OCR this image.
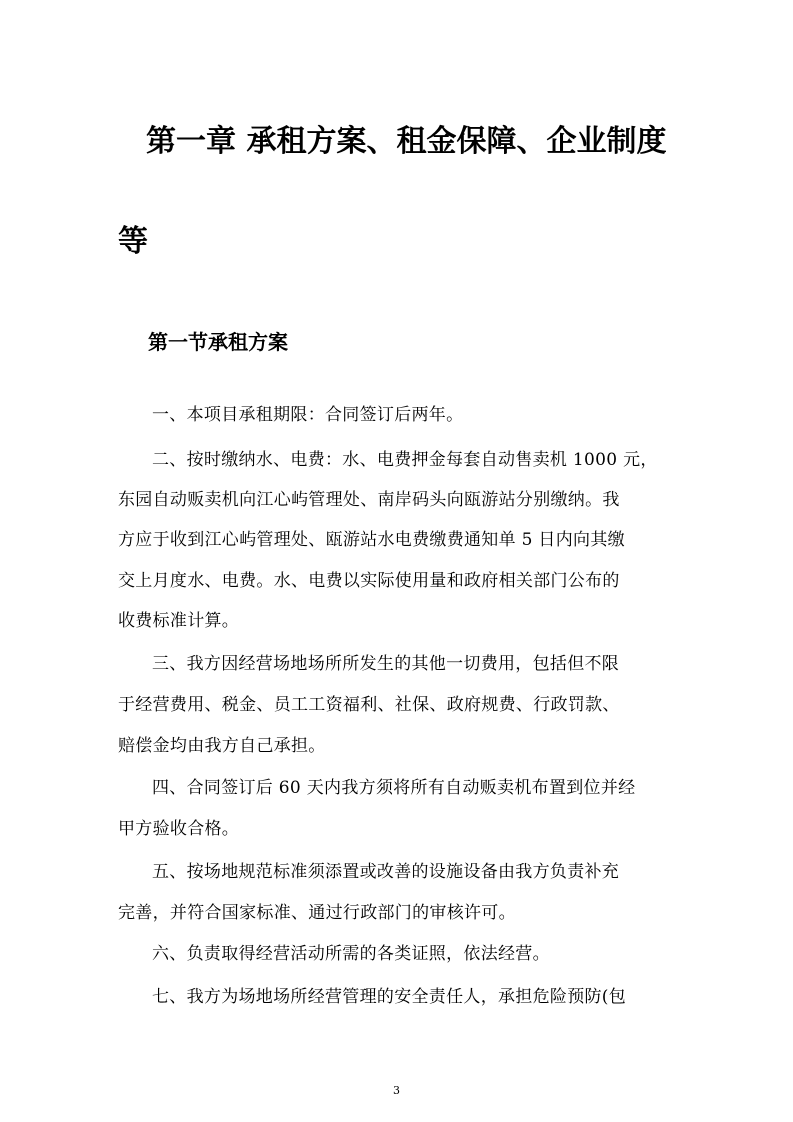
第一章 承租方案、租金保障、企业制度
等
第一节承租方案
一、本项目承租期限：合同签订后两年。
二、按时缴纳水、电费：水、电费押金每套自动售卖机 1000 元，
东园自动贩卖机向江心屿管理处、南岸码头向瓯游站分别缴纳。我
方应于收到江心屿管理处、瓯游站水电费缴费通知单 5 日内向其缴
交上月度水、电费。水、电费以实际使用量和政府相关部门公布的
收费标准计算。
三、我方因经营场地场所所发生的其他一切费用，包括但不限
于经营费用、税金、员工工资福利、社保、政府规费、行政罚款、
赔偿金均由我方自己承担。
四、合同签订后 60 天内我方须将所有自动贩卖机布置到位并经
甲方验收合格。
五、按场地规范标准须添置或改善的设施设备由我方负责补充
完善，并符合国家标准、通过行政部门的审核许可。
六、负责取得经营活动所需的各类证照，依法经营。
七、我方为场地场所经营管理的安全责任人，承担危险预防(包
3
